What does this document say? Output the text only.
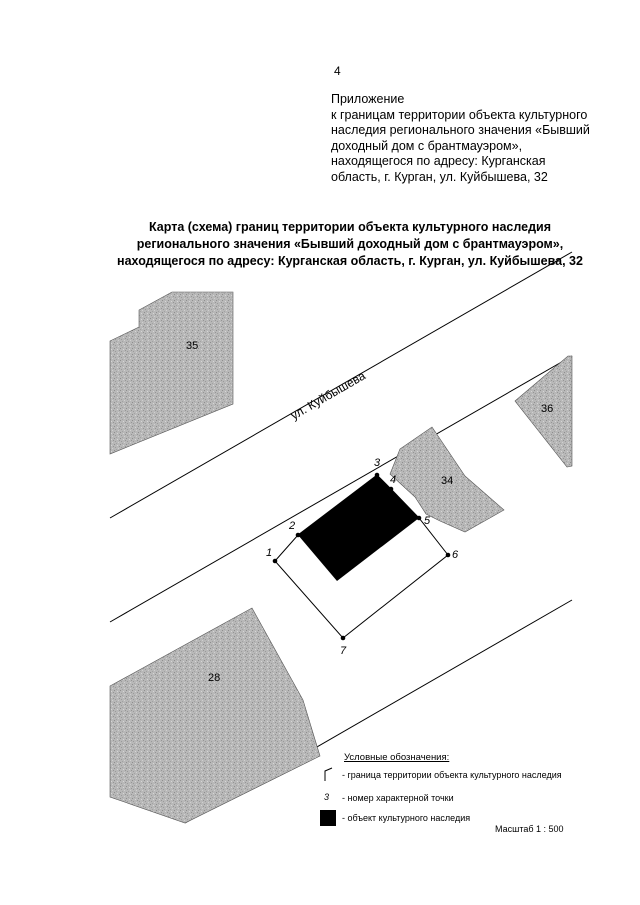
4
Приложение
к границам территории объекта культурного
наследия регионального значения «Бывший
доходный дом с брантмауэром»,
находящегося по адресу: Курганская
область, г. Курган, ул. Куйбышева, 32
Карта (схема) границ территории объекта культурного наследия
регионального значения «Бывший доходный дом с брантмауэром»,
находящегося по адресу: Курганская область, г. Курган, ул. Куйбышева, 32
35
36
34
28
ул. Куйбышева
1
2
3
4
5
6
7
Условные обозначения:
- граница территории объекта культурного наследия
3 - номер характерной точки
- объект культурного наследия
Масштаб 1 : 500
